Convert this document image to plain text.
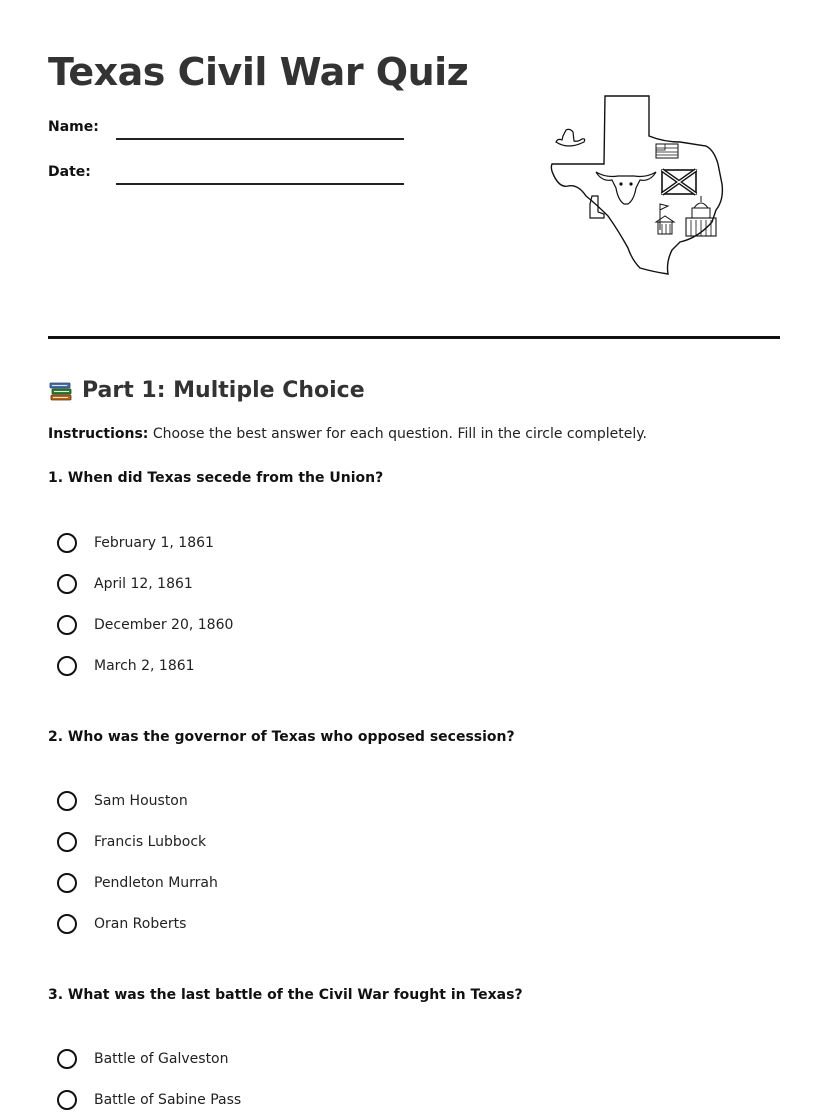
Texas Civil War Quiz
Name:
Date:
Part 1: Multiple Choice
Instructions: Choose the best answer for each question. Fill in the circle completely.
1. When did Texas secede from the Union?
February 1, 1861
April 12, 1861
December 20, 1860
March 2, 1861
2. Who was the governor of Texas who opposed secession?
Sam Houston
Francis Lubbock
Pendleton Murrah
Oran Roberts
3. What was the last battle of the Civil War fought in Texas?
Battle of Galveston
Battle of Sabine Pass
